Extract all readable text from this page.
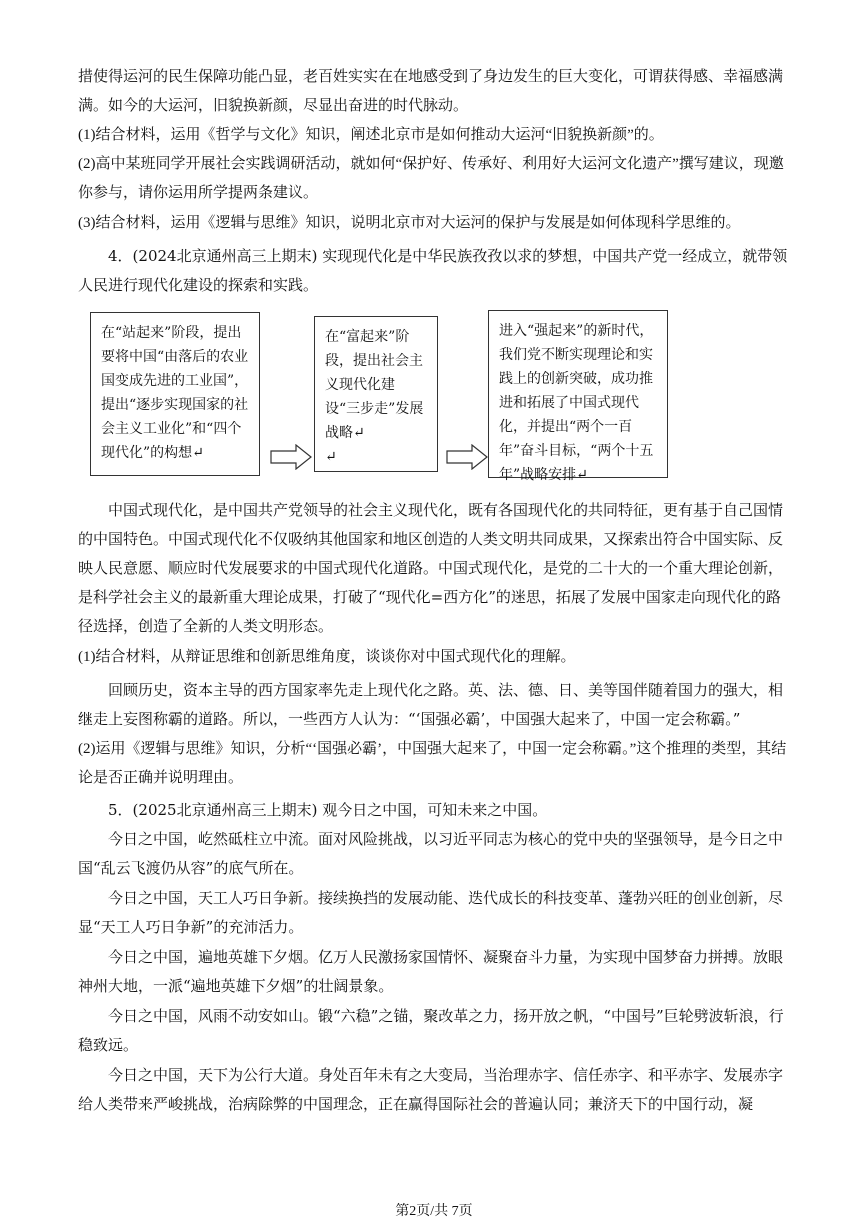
措使得运河的民生保障功能凸显，老百姓实实在在地感受到了身边发生的巨大变化，可谓获得感、幸福感满满。如今的大运河，旧貌换新颜，尽显出奋进的时代脉动。

(1)结合材料，运用《哲学与文化》知识，阐述北京市是如何推动大运河“旧貌换新颜”的。

(2)高中某班同学开展社会实践调研活动，就如何“保护好、传承好、利用好大运河文化遗产”撰写建议，现邀你参与，请你运用所学提两条建议。

(3)结合材料，运用《逻辑与思维》知识，说明北京市对大运河的保护与发展是如何体现科学思维的。

4．(2024北京通州高三上期末) 实现现代化是中华民族孜孜以求的梦想，中国共产党一经成立，就带领人民进行现代化建设的探索和实践。

在“站起来”阶段，提出要将中国“由落后的农业国变成先进的工业国”，提出“逐步实现国家的社会主义工业化”和“四个现代化”的构想↵
在“富起来”阶段，提出社会主义现代化建设“三步走”发展战略↵
↵
进入“强起来”的新时代，我们党不断实现理论和实践上的创新突破，成功推进和拓展了中国式现代化，并提出“两个一百年”奋斗目标，“两个十五年”战略安排↵

中国式现代化，是中国共产党领导的社会主义现代化，既有各国现代化的共同特征，更有基于自己国情的中国特色。中国式现代化不仅吸纳其他国家和地区创造的人类文明共同成果，又探索出符合中国实际、反映人民意愿、顺应时代发展要求的中国式现代化道路。中国式现代化，是党的二十大的一个重大理论创新，是科学社会主义的最新重大理论成果，打破了“现代化=西方化”的迷思，拓展了发展中国家走向现代化的路径选择，创造了全新的人类文明形态。

(1)结合材料，从辩证思维和创新思维角度，谈谈你对中国式现代化的理解。

回顾历史，资本主导的西方国家率先走上现代化之路。英、法、德、日、美等国伴随着国力的强大，相继走上妄图称霸的道路。所以，一些西方人认为：“‘国强必霸’，中国强大起来了，中国一定会称霸。”

(2)运用《逻辑与思维》知识，分析“‘国强必霸’，中国强大起来了，中国一定会称霸。”这个推理的类型，其结论是否正确并说明理由。

5．(2025北京通州高三上期末) 观今日之中国，可知未来之中国。

今日之中国，屹然砥柱立中流。面对风险挑战，以习近平同志为核心的党中央的坚强领导，是今日之中国“乱云飞渡仍从容”的底气所在。

今日之中国，天工人巧日争新。接续换挡的发展动能、迭代成长的科技变革、蓬勃兴旺的创业创新，尽显“天工人巧日争新”的充沛活力。

今日之中国，遍地英雄下夕烟。亿万人民激扬家国情怀、凝聚奋斗力量，为实现中国梦奋力拼搏。放眼神州大地，一派“遍地英雄下夕烟”的壮阔景象。

今日之中国，风雨不动安如山。锻“六稳”之锚，聚改革之力，扬开放之帆，“中国号”巨轮劈波斩浪，行稳致远。

今日之中国，天下为公行大道。身处百年未有之大变局，当治理赤字、信任赤字、和平赤字、发展赤字给人类带来严峻挑战，治病除弊的中国理念，正在赢得国际社会的普遍认同；兼济天下的中国行动，凝

第2页/共 7页
